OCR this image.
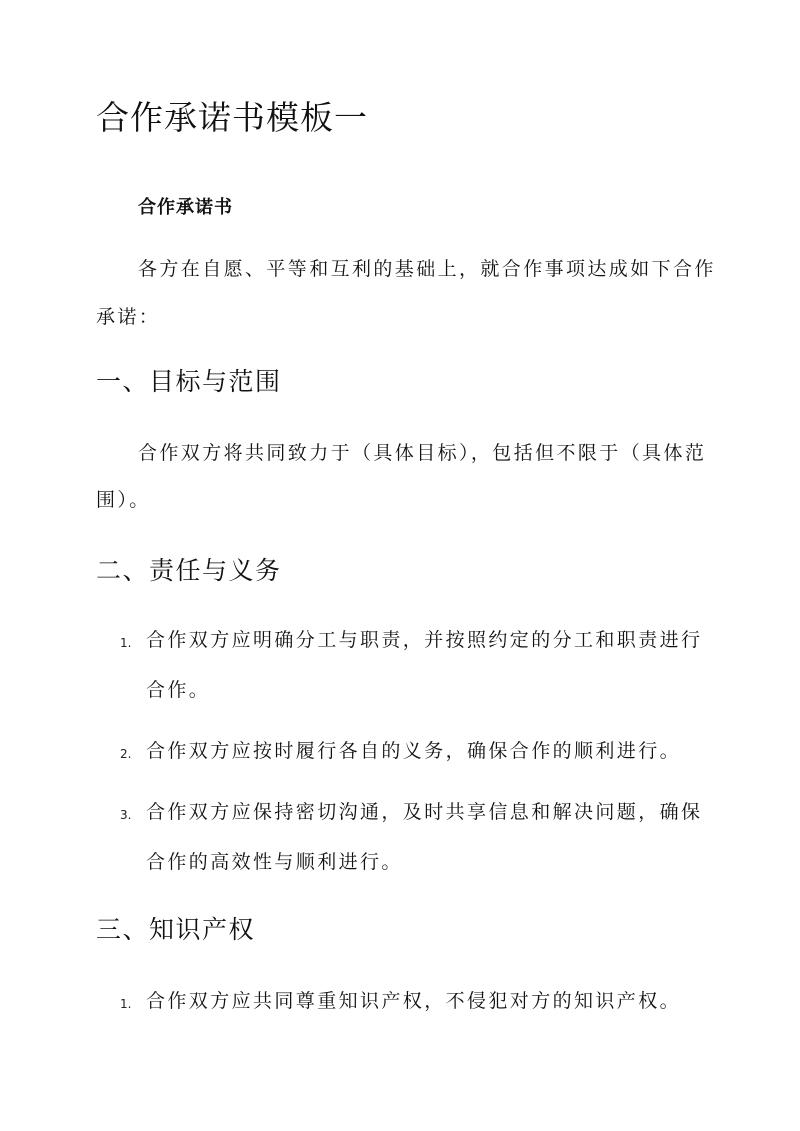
合作承诺书模板一
合作承诺书
各方在自愿、平等和互利的基础上，就合作事项达成如下合作
承诺：
一、目标与范围
合作双方将共同致力于（具体目标），包括但不限于（具体范
围）。
二、责任与义务
1. 合作双方应明确分工与职责，并按照约定的分工和职责进行
合作。
2. 合作双方应按时履行各自的义务，确保合作的顺利进行。
3. 合作双方应保持密切沟通，及时共享信息和解决问题，确保
合作的高效性与顺利进行。
三、知识产权
1. 合作双方应共同尊重知识产权，不侵犯对方的知识产权。
